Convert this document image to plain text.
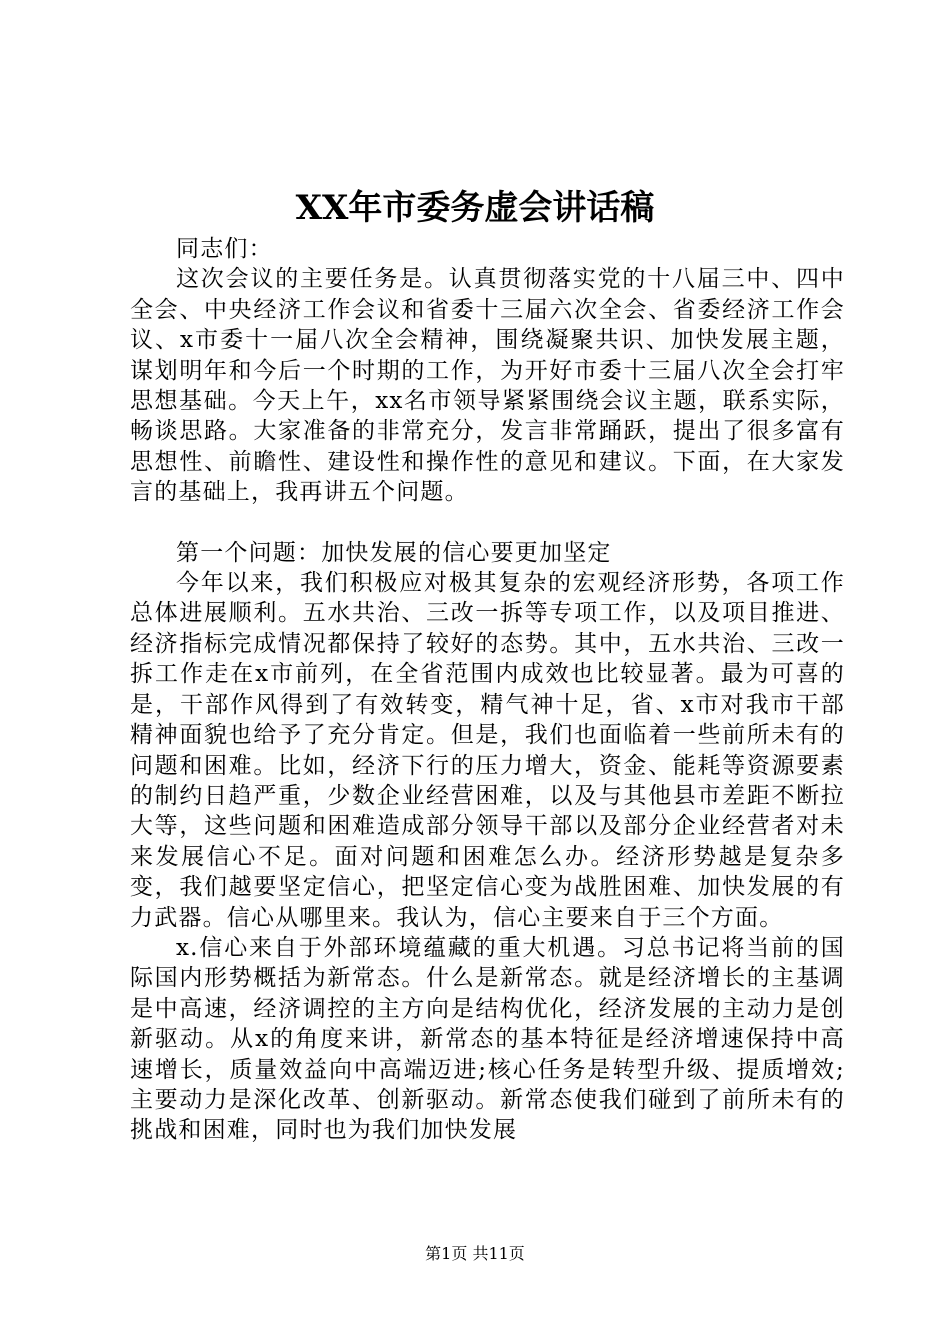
XX年市委务虚会讲话稿

同志们：

这次会议的主要任务是。认真贯彻落实党的十八届三中、四中全会、中央经济工作会议和省委十三届六次全会、省委经济工作会议、x市委十一届八次全会精神，围绕凝聚共识、加快发展主题，谋划明年和今后一个时期的工作，为开好市委十三届八次全会打牢思想基础。今天上午，xx名市领导紧紧围绕会议主题，联系实际，畅谈思路。大家准备的非常充分，发言非常踊跃，提出了很多富有思想性、前瞻性、建设性和操作性的意见和建议。下面，在大家发言的基础上，我再讲五个问题。

第一个问题：加快发展的信心要更加坚定

今年以来，我们积极应对极其复杂的宏观经济形势，各项工作总体进展顺利。五水共治、三改一拆等专项工作，以及项目推进、经济指标完成情况都保持了较好的态势。其中，五水共治、三改一拆工作走在x市前列，在全省范围内成效也比较显著。最为可喜的是，干部作风得到了有效转变，精气神十足，省、x市对我市干部精神面貌也给予了充分肯定。但是，我们也面临着一些前所未有的问题和困难。比如，经济下行的压力增大，资金、能耗等资源要素的制约日趋严重，少数企业经营困难，以及与其他县市差距不断拉大等，这些问题和困难造成部分领导干部以及部分企业经营者对未来发展信心不足。面对问题和困难怎么办。经济形势越是复杂多变，我们越要坚定信心，把坚定信心变为战胜困难、加快发展的有力武器。信心从哪里来。我认为，信心主要来自于三个方面。

x.信心来自于外部环境蕴藏的重大机遇。习总书记将当前的国际国内形势概括为新常态。什么是新常态。就是经济增长的主基调是中高速，经济调控的主方向是结构优化，经济发展的主动力是创新驱动。从x的角度来讲，新常态的基本特征是经济增速保持中高速增长，质量效益向中高端迈进;核心任务是转型升级、提质增效;主要动力是深化改革、创新驱动。新常态使我们碰到了前所未有的挑战和困难，同时也为我们加快发展

第1页 共11页
